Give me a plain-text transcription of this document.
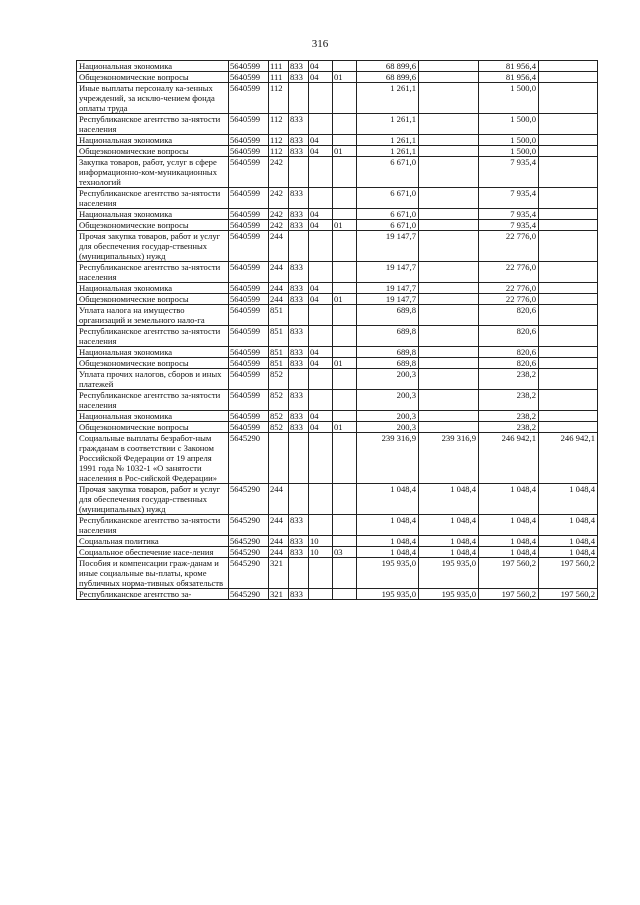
316
Национальная экономика	5640599	111	833	04		68 899,6		81 956,4	
Общеэкономические вопросы	5640599	111	833	04	01	68 899,6		81 956,4	
Иные выплаты персоналу ка-зенных учреждений, за исклю-чением фонда оплаты труда	5640599	112				1 261,1		1 500,0	
Республиканское агентство за-нятости населения	5640599	112	833			1 261,1		1 500,0	
Национальная экономика	5640599	112	833	04		1 261,1		1 500,0	
Общеэкономические вопросы	5640599	112	833	04	01	1 261,1		1 500,0	
Закупка товаров, работ, услуг в сфере информационно-ком-муникационных технологий	5640599	242				6 671,0		7 935,4	
Республиканское агентство за-нятости населения	5640599	242	833			6 671,0		7 935,4	
Национальная экономика	5640599	242	833	04		6 671,0		7 935,4	
Общеэкономические вопросы	5640599	242	833	04	01	6 671,0		7 935,4	
Прочая закупка товаров, работ и услуг для обеспечения государ-ственных (муниципальных) нужд	5640599	244				19 147,7		22 776,0	
Республиканское агентство за-нятости населения	5640599	244	833			19 147,7		22 776,0	
Национальная экономика	5640599	244	833	04		19 147,7		22 776,0	
Общеэкономические вопросы	5640599	244	833	04	01	19 147,7		22 776,0	
Уплата налога на имущество организаций и земельного нало-га	5640599	851				689,8		820,6	
Республиканское агентство за-нятости населения	5640599	851	833			689,8		820,6	
Национальная экономика	5640599	851	833	04		689,8		820,6	
Общеэкономические вопросы	5640599	851	833	04	01	689,8		820,6	
Уплата прочих налогов, сборов и иных платежей	5640599	852				200,3		238,2	
Республиканское агентство за-нятости населения	5640599	852	833			200,3		238,2	
Национальная экономика	5640599	852	833	04		200,3		238,2	
Общеэкономические вопросы	5640599	852	833	04	01	200,3		238,2	
Социальные выплаты безработ-ным гражданам в соответствии с Законом Российской Федерации от 19 апреля 1991 года № 1032-1 «О занятости населения в Рос-сийской Федерации»	5645290					239 316,9	239 316,9	246 942,1	246 942,1
Прочая закупка товаров, работ и услуг для обеспечения государ-ственных (муниципальных) нужд	5645290	244				1 048,4	1 048,4	1 048,4	1 048,4
Республиканское агентство за-нятости населения	5645290	244	833			1 048,4	1 048,4	1 048,4	1 048,4
Социальная политика	5645290	244	833	10		1 048,4	1 048,4	1 048,4	1 048,4
Социальное обеспечение насе-ления	5645290	244	833	10	03	1 048,4	1 048,4	1 048,4	1 048,4
Пособия и компенсации граж-данам и иные социальные вы-платы, кроме публичных норма-тивных обязательств	5645290	321				195 935,0	195 935,0	197 560,2	197 560,2
Республиканское агентство за-	5645290	321	833			195 935,0	195 935,0	197 560,2	197 560,2
